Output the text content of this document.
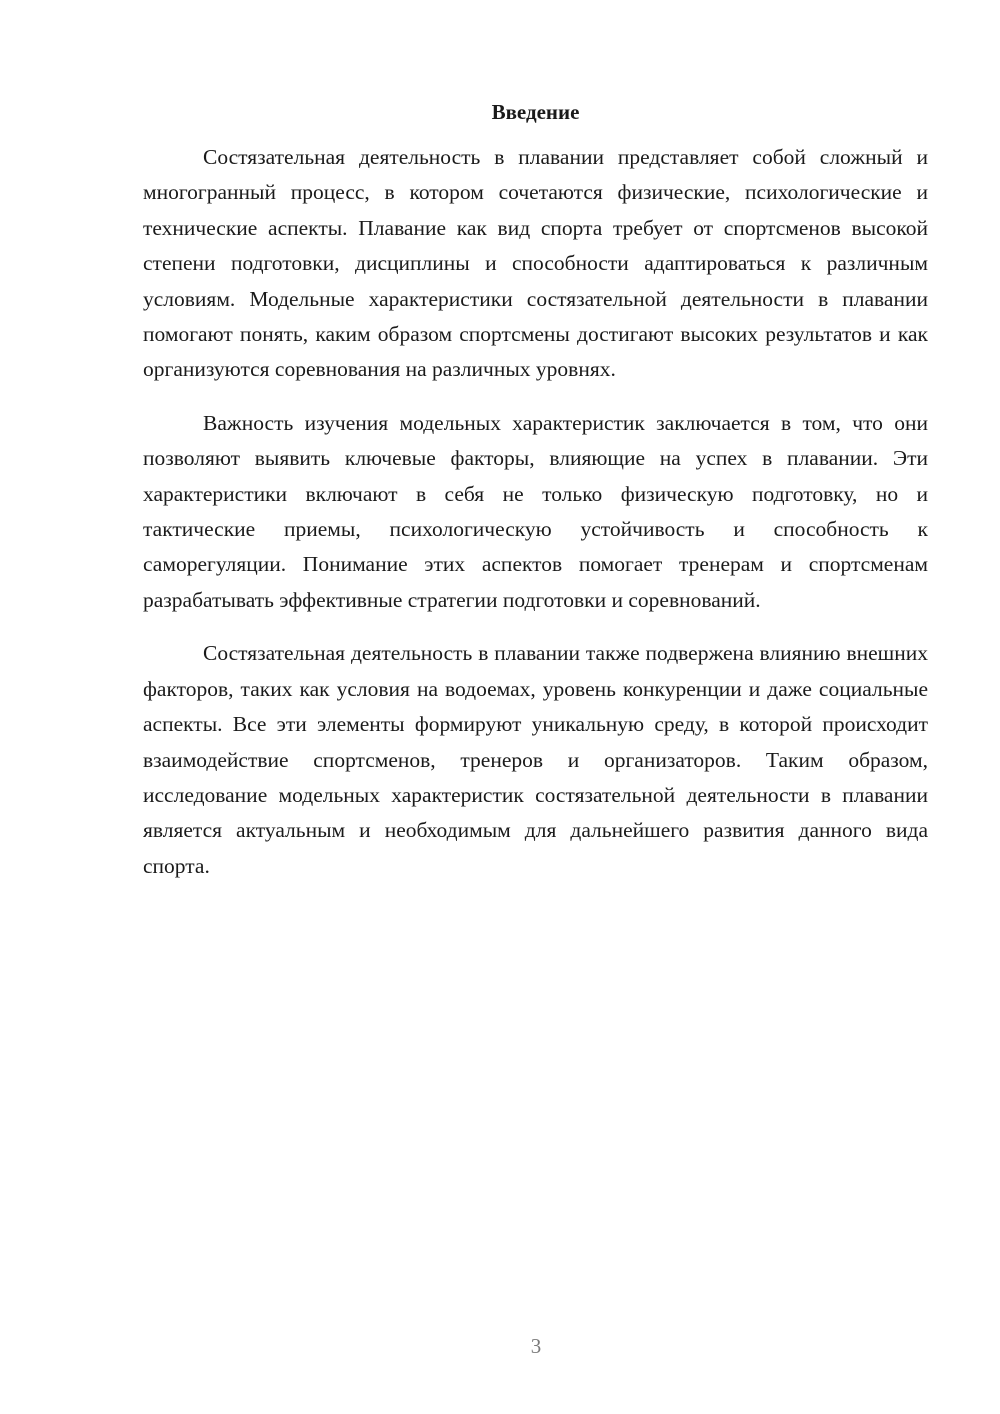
Введение

Состязательная деятельность в плавании представляет собой сложный и многогранный процесс, в котором сочетаются физические, психологические и технические аспекты. Плавание как вид спорта требует от спортсменов высокой степени подготовки, дисциплины и способности адаптироваться к различным условиям. Модельные характеристики состязательной деятельности в плавании помогают понять, каким образом спортсмены достигают высоких результатов и как организуются соревнования на различных уровнях.

Важность изучения модельных характеристик заключается в том, что они позволяют выявить ключевые факторы, влияющие на успех в плавании. Эти характеристики включают в себя не только физическую подготовку, но и тактические приемы, психологическую устойчивость и способность к саморегуляции. Понимание этих аспектов помогает тренерам и спортсменам разрабатывать эффективные стратегии подготовки и соревнований.

Состязательная деятельность в плавании также подвержена влиянию внешних факторов, таких как условия на водоемах, уровень конкуренции и даже социальные аспекты. Все эти элементы формируют уникальную среду, в которой происходит взаимодействие спортсменов, тренеров и организаторов. Таким образом, исследование модельных характеристик состязательной деятельности в плавании является актуальным и необходимым для дальнейшего развития данного вида спорта.

3
